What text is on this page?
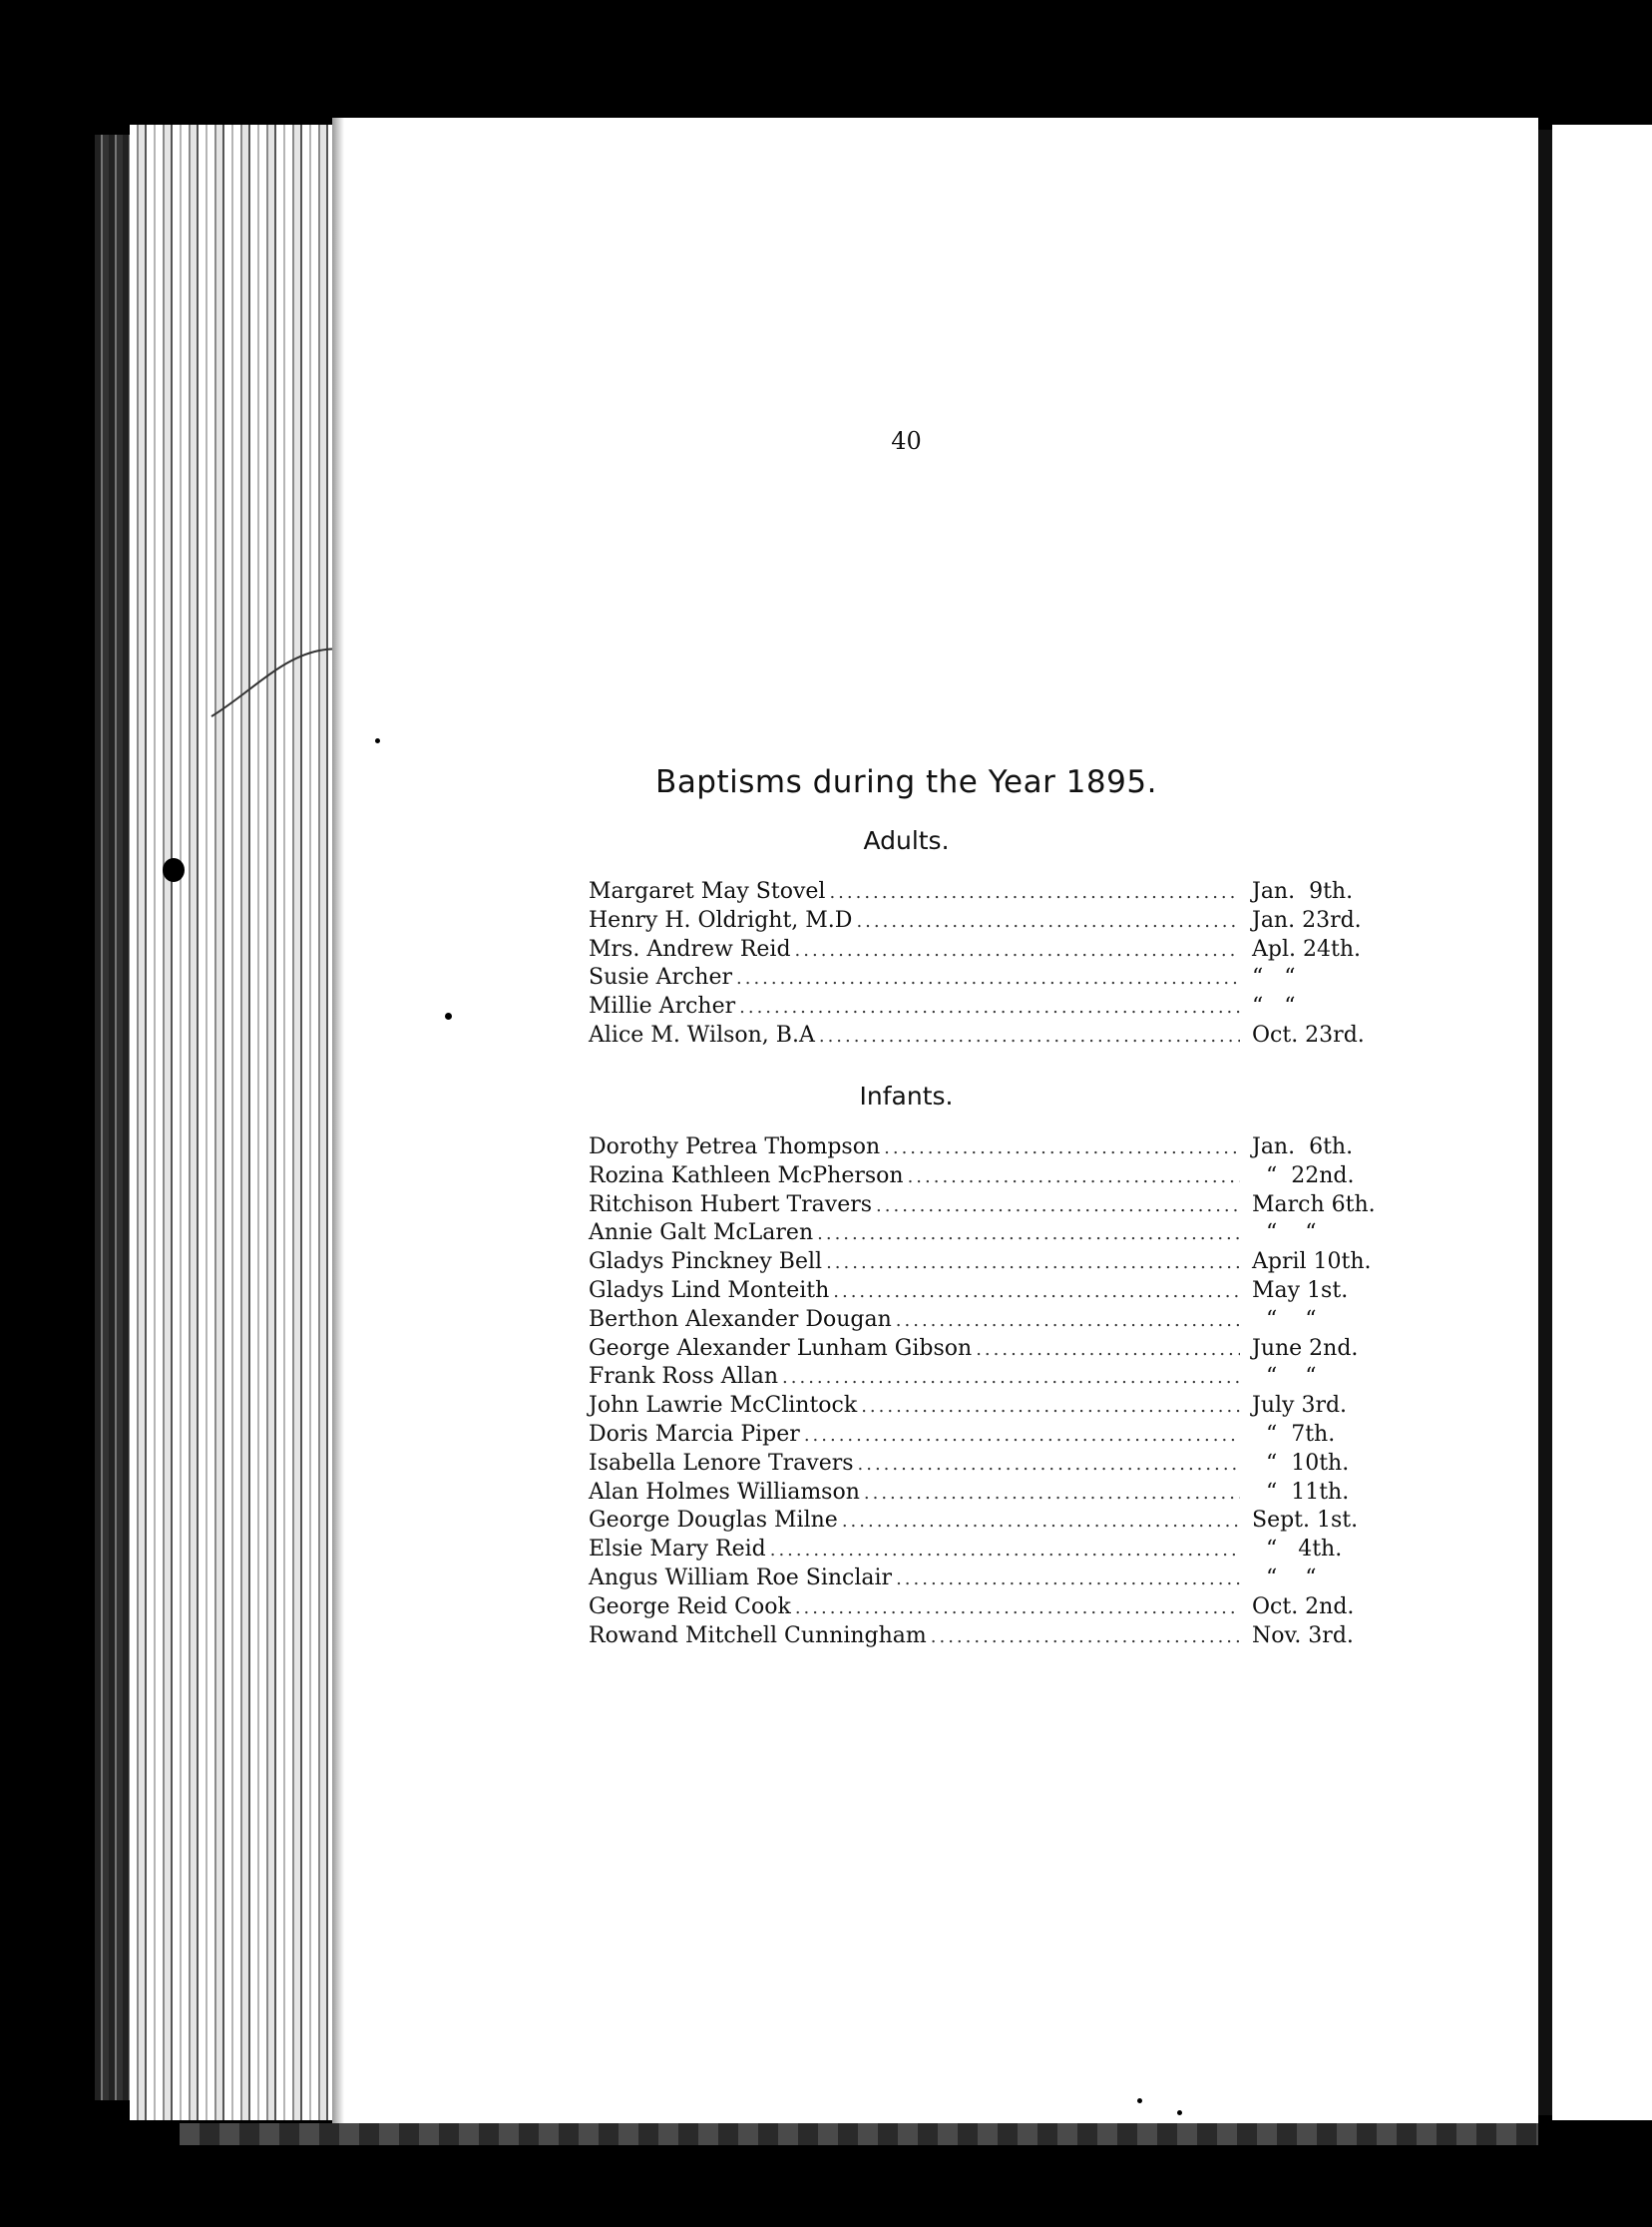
40
Baptisms during the Year 1895.
Adults.
Margaret May Stovel .....	Jan.  9th.
Henry H. Oldright, M.D .....	Jan. 23rd.
Mrs. Andrew Reid .....	Apl. 24th.
Susie Archer .....	“   “
Millie Archer .....	“   “
Alice M. Wilson, B.A .....	Oct. 23rd.
Infants.
Dorothy Petrea Thompson .....	Jan.  6th.
Rozina Kathleen McPherson .....	“  22nd.
Ritchison Hubert Travers .....	March 6th.
Annie Galt McLaren .....	“    “
Gladys Pinckney Bell .....	April 10th.
Gladys Lind Monteith .....	May 1st.
Berthon Alexander Dougan .....	“    “
George Alexander Lunham Gibson .....	June 2nd.
Frank Ross Allan .....	“    “
John Lawrie McClintock .....	July 3rd.
Doris Marcia Piper .....	“  7th.
Isabella Lenore Travers .....	“  10th.
Alan Holmes Williamson .....	“  11th.
George Douglas Milne .....	Sept. 1st.
Elsie Mary Reid .....	“   4th.
Angus William Roe Sinclair .....	“    “
George Reid Cook .....	Oct. 2nd.
Rowand Mitchell Cunningham .....	Nov. 3rd.
